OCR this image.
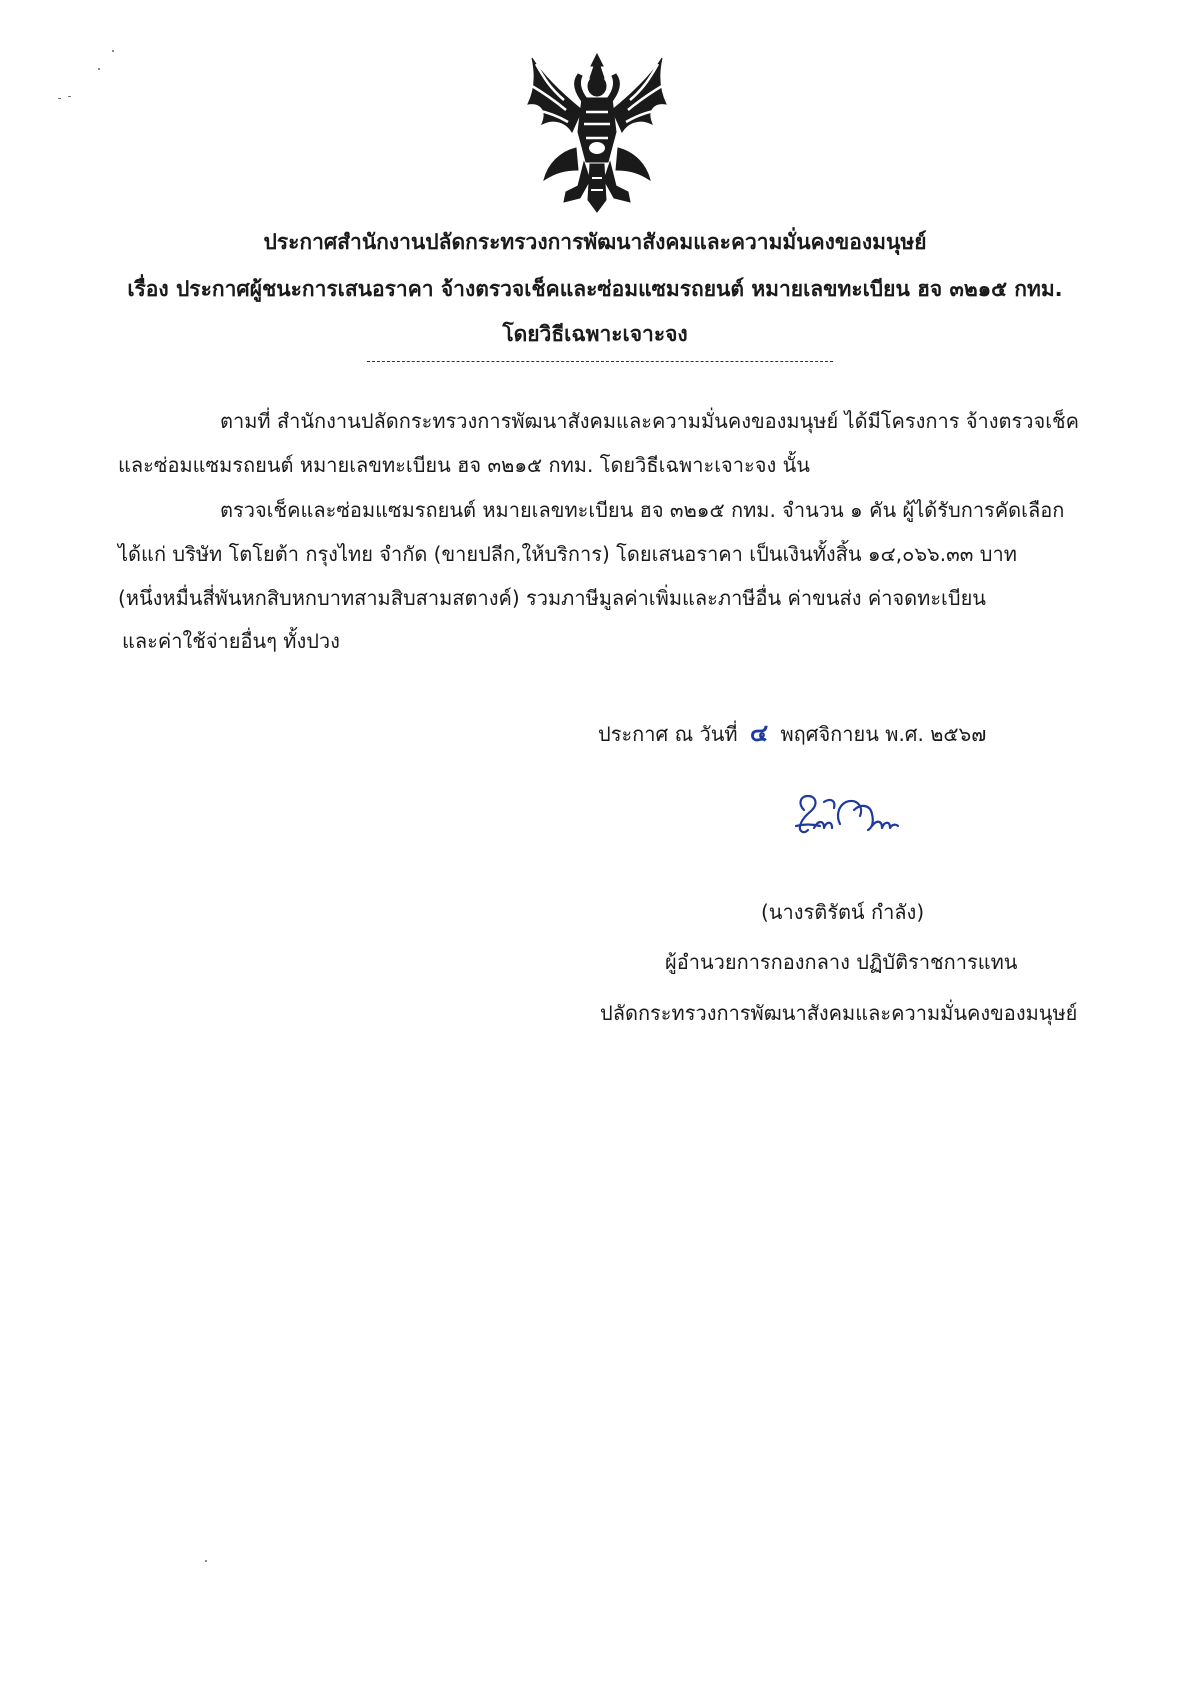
ประกาศสำนักงานปลัดกระทรวงการพัฒนาสังคมและความมั่นคงของมนุษย์
เรื่อง ประกาศผู้ชนะการเสนอราคา จ้างตรวจเช็คและซ่อมแซมรถยนต์ หมายเลขทะเบียน ฮจ ๓๒๑๕ กทม.
โดยวิธีเฉพาะเจาะจง
ตามที่ สำนักงานปลัดกระทรวงการพัฒนาสังคมและความมั่นคงของมนุษย์ ได้มีโครงการ จ้างตรวจเช็ค
และซ่อมแซมรถยนต์ หมายเลขทะเบียน ฮจ ๓๒๑๕ กทม. โดยวิธีเฉพาะเจาะจง นั้น
ตรวจเช็คและซ่อมแซมรถยนต์ หมายเลขทะเบียน ฮจ ๓๒๑๕ กทม. จำนวน ๑ คัน ผู้ได้รับการคัดเลือก
ได้แก่ บริษัท โตโยต้า กรุงไทย จำกัด (ขายปลีก,ให้บริการ) โดยเสนอราคา เป็นเงินทั้งสิ้น ๑๔,๐๖๖.๓๓ บาท
(หนึ่งหมื่นสี่พันหกสิบหกบาทสามสิบสามสตางค์) รวมภาษีมูลค่าเพิ่มและภาษีอื่น ค่าขนส่ง ค่าจดทะเบียน
และค่าใช้จ่ายอื่นๆ ทั้งปวง
ประกาศ ณ วันที่ ๔ พฤศจิกายน พ.ศ. ๒๕๖๗
(นางรติรัตน์ กำลัง)
ผู้อำนวยการกองกลาง ปฏิบัติราชการแทน
ปลัดกระทรวงการพัฒนาสังคมและความมั่นคงของมนุษย์
